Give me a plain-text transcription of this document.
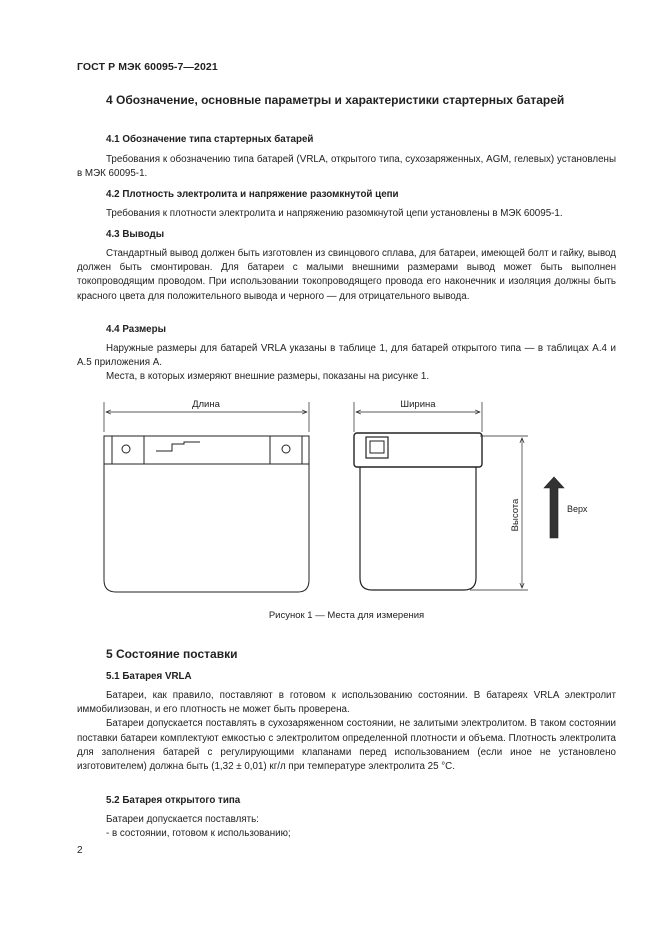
ГОСТ Р МЭК 60095-7—2021

4 Обозначение, основные параметры и характеристики стартерных батарей

4.1 Обозначение типа стартерных батарей

Требования к обозначению типа батарей (VRLA, открытого типа, сухозаряженных, AGM, гелевых) установлены в МЭК 60095-1.

4.2 Плотность электролита и напряжение разомкнутой цепи

Требования к плотности электролита и напряжению разомкнутой цепи установлены в МЭК 60095-1.

4.3 Выводы

Стандартный вывод должен быть изготовлен из свинцового сплава, для батареи, имеющей болт и гайку, вывод должен быть смонтирован. Для батареи с малыми внешними размерами вывод может быть выполнен токопроводящим проводом. При использовании токопроводящего провода его наконечник и изоляция должны быть красного цвета для положительного вывода и черного — для отрицательного вывода.

4.4 Размеры

Наружные размеры для батарей VRLA указаны в таблице 1, для батарей открытого типа — в таблицах А.4 и А.5 приложения А.

Места, в которых измеряют внешние размеры, показаны на рисунке 1.

Длина	Ширина
Высота	Верх
Рисунок 1 — Места для измерения

5 Состояние поставки

5.1 Батарея VRLA

Батареи, как правило, поставляют в готовом к использованию состоянии. В батареях VRLA электролит иммобилизован, и его плотность не может быть проверена.

Батареи допускается поставлять в сухозаряженном состоянии, не залитыми электролитом. В таком состоянии поставки батареи комплектуют емкостью с электролитом определенной плотности и объема. Плотность электролита для заполнения батарей с регулирующими клапанами перед использованием (если иное не установлено изготовителем) должна быть (1,32 ± 0,01) кг/л при температуре электролита 25 °C.

5.2 Батарея открытого типа

Батареи допускается поставлять:

- в состоянии, готовом к использованию;

2
